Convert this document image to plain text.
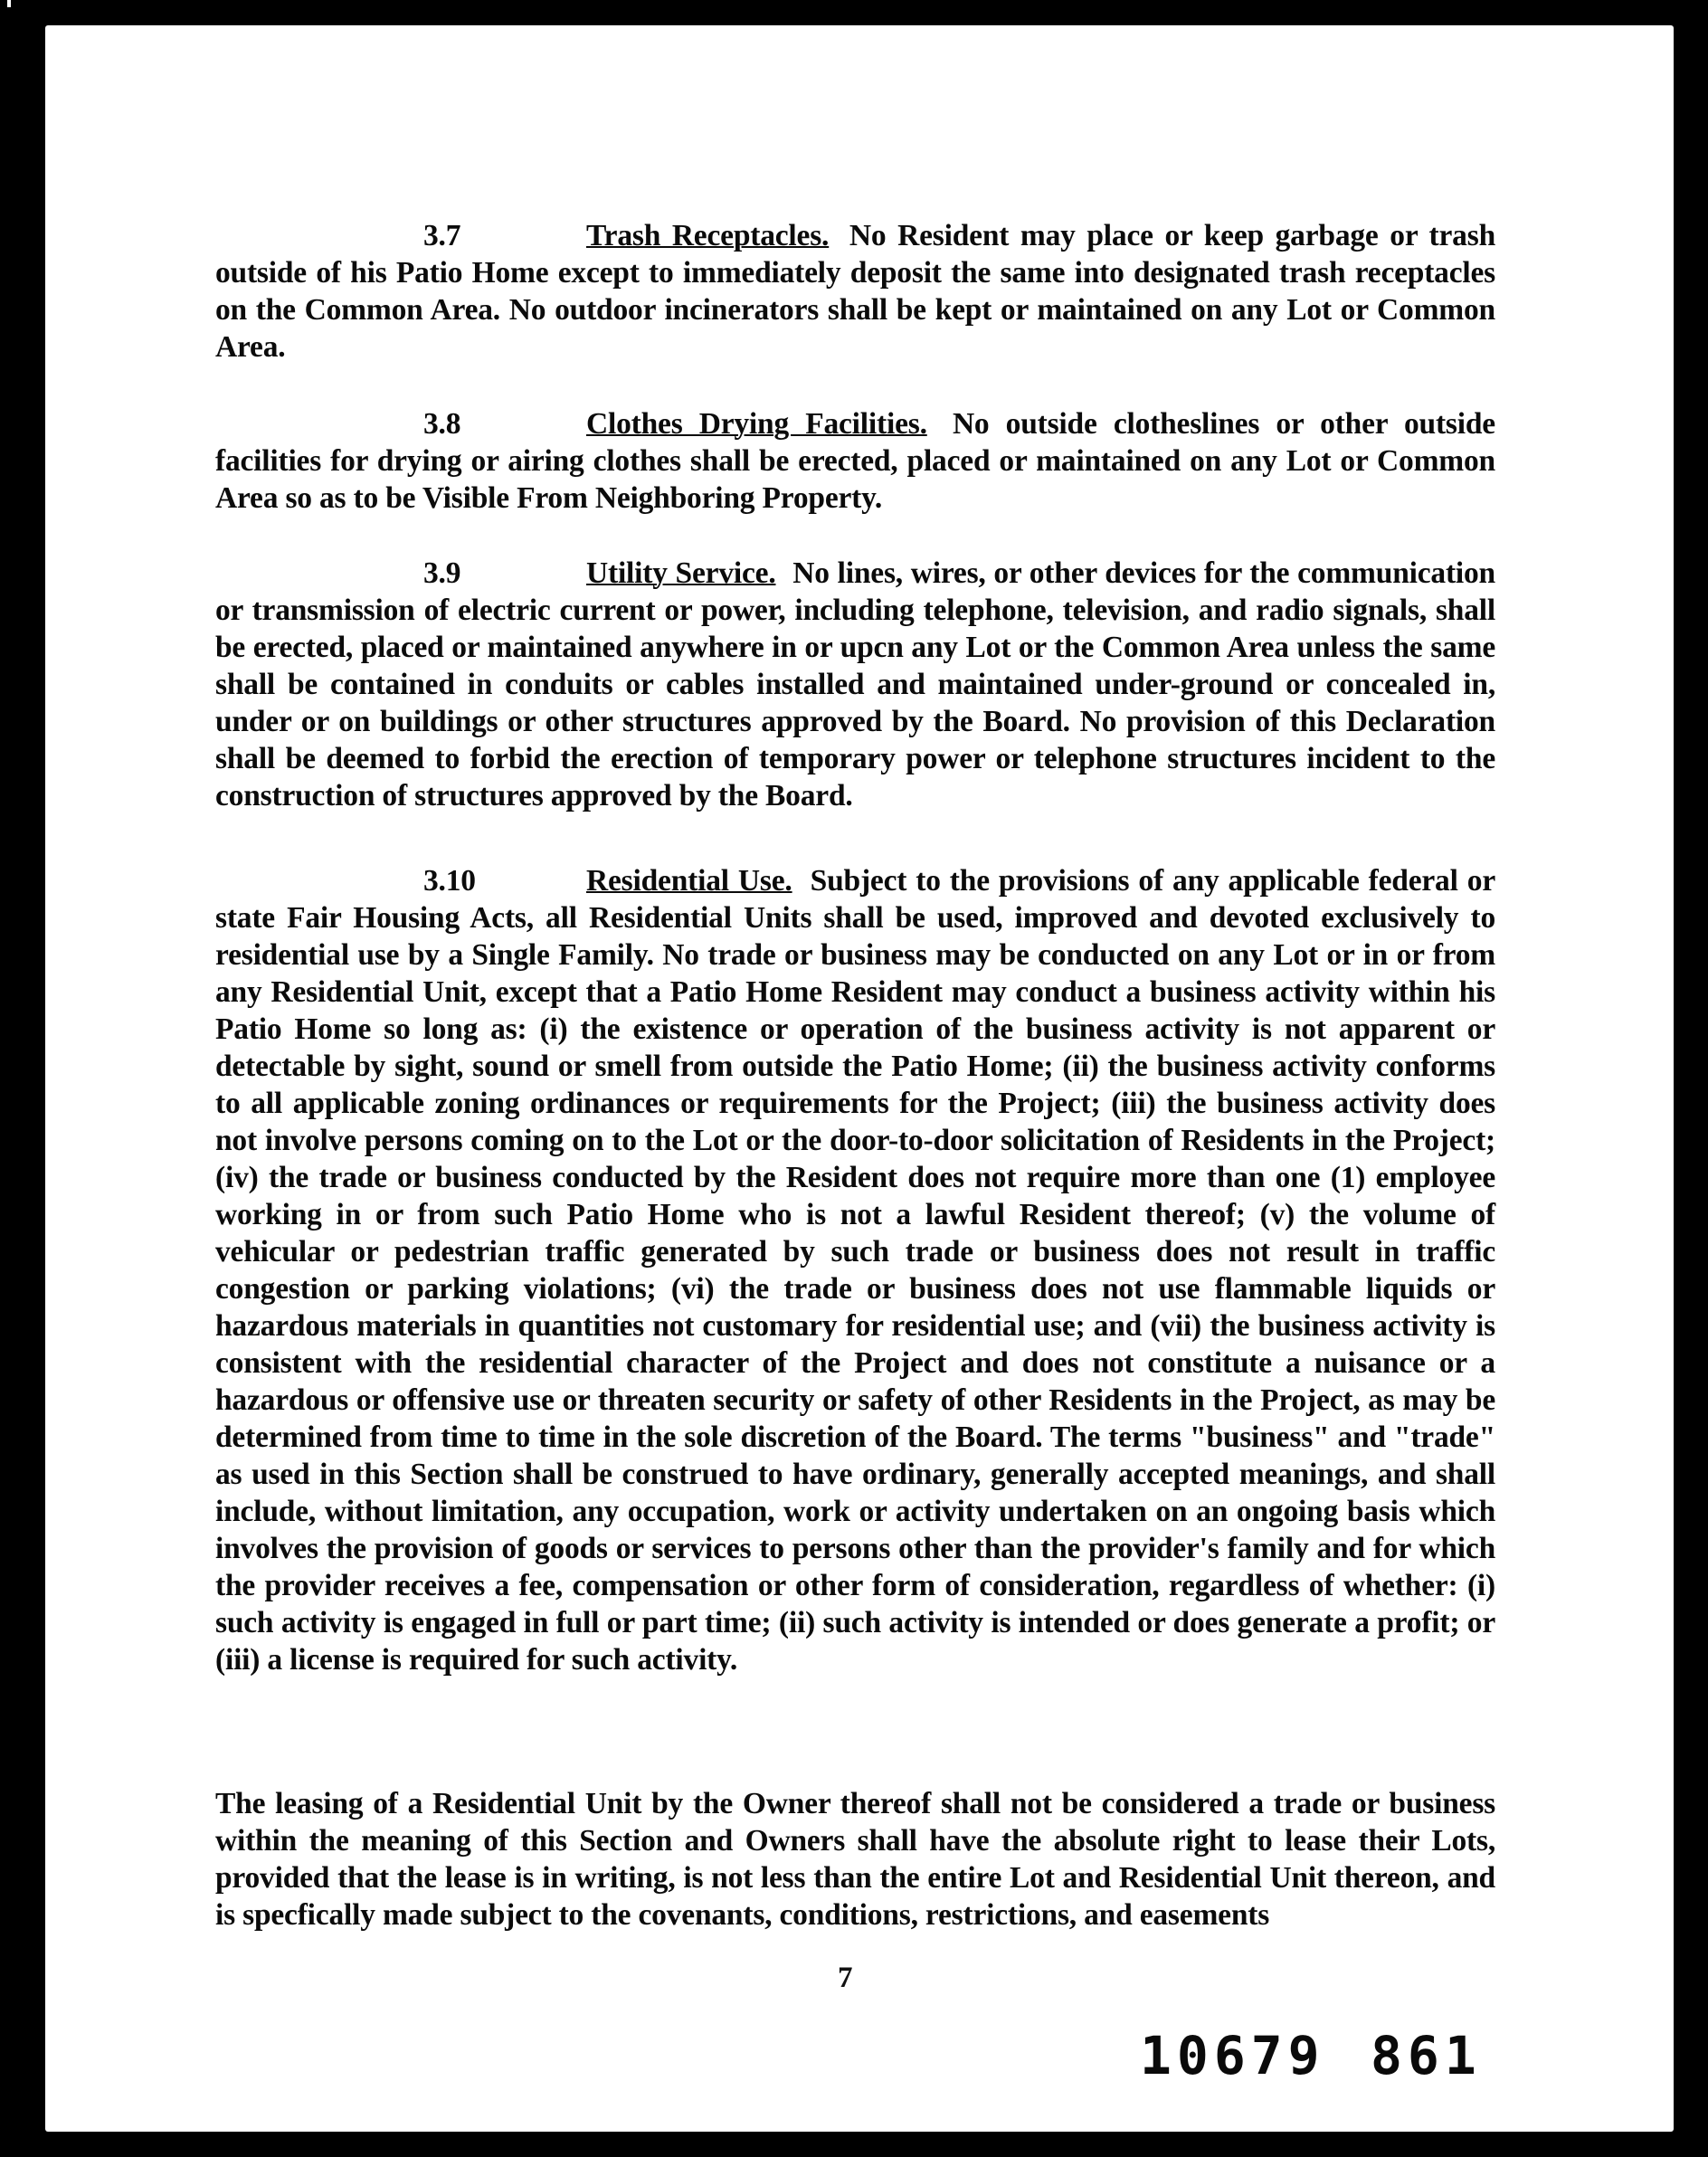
3.7	Trash Receptacles. No Resident may place or keep garbage or trash outside of his Patio Home except to immediately deposit the same into designated trash receptacles on the Common Area. No outdoor incinerators shall be kept or maintained on any Lot or Common Area.

3.8	Clothes Drying Facilities. No outside clotheslines or other outside facilities for drying or airing clothes shall be erected, placed or maintained on any Lot or Common Area so as to be Visible From Neighboring Property.

3.9	Utility Service. No lines, wires, or other devices for the communication or transmission of electric current or power, including telephone, television, and radio signals, shall be erected, placed or maintained anywhere in or upcn any Lot or the Common Area unless the same shall be contained in conduits or cables installed and maintained under-ground or concealed in, under or on buildings or other structures approved by the Board. No provision of this Declaration shall be deemed to forbid the erection of temporary power or telephone structures incident to the construction of structures approved by the Board.

3.10	Residential Use. Subject to the provisions of any applicable federal or state Fair Housing Acts, all Residential Units shall be used, improved and devoted exclusively to residential use by a Single Family. No trade or business may be conducted on any Lot or in or from any Residential Unit, except that a Patio Home Resident may conduct a business activity within his Patio Home so long as: (i) the existence or operation of the business activity is not apparent or detectable by sight, sound or smell from outside the Patio Home; (ii) the business activity conforms to all applicable zoning ordinances or requirements for the Project; (iii) the business activity does not involve persons coming on to the Lot or the door-to-door solicitation of Residents in the Project; (iv) the trade or business conducted by the Resident does not require more than one (1) employee working in or from such Patio Home who is not a lawful Resident thereof; (v) the volume of vehicular or pedestrian traffic generated by such trade or business does not result in traffic congestion or parking violations; (vi) the trade or business does not use flammable liquids or hazardous materials in quantities not customary for residential use; and (vii) the business activity is consistent with the residential character of the Project and does not constitute a nuisance or a hazardous or offensive use or threaten security or safety of other Residents in the Project, as may be determined from time to time in the sole discretion of the Board. The terms "business" and "trade" as used in this Section shall be construed to have ordinary, generally accepted meanings, and shall include, without limitation, any occupation, work or activity undertaken on an ongoing basis which involves the provision of goods or services to persons other than the provider's family and for which the provider receives a fee, compensation or other form of consideration, regardless of whether: (i) such activity is engaged in full or part time; (ii) such activity is intended or does generate a profit; or (iii) a license is required for such activity.

The leasing of a Residential Unit by the Owner thereof shall not be considered a trade or business within the meaning of this Section and Owners shall have the absolute right to lease their Lots, provided that the lease is in writing, is not less than the entire Lot and Residential Unit thereon, and is specfically made subject to the covenants, conditions, restrictions, and easements

7
10679 861
